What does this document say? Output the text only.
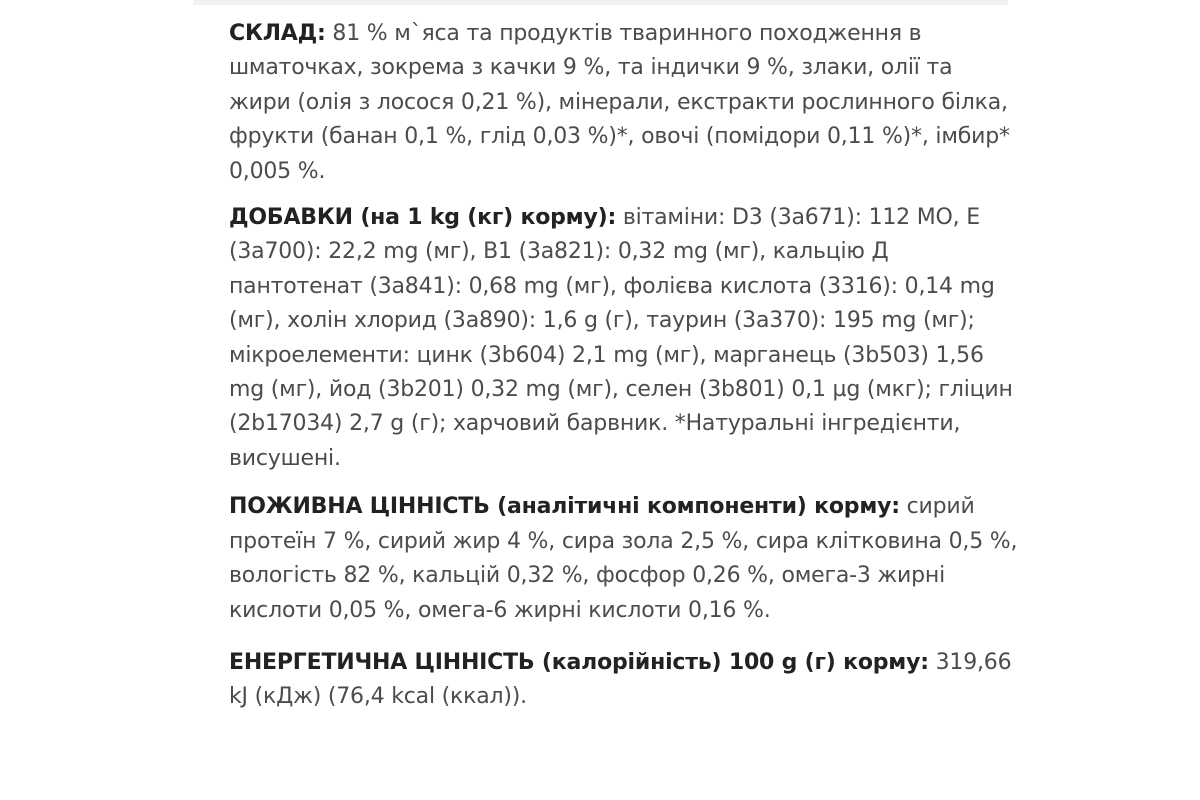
СКЛАД: 81 % м`яса та продуктів тваринного походження в шматочках, зокрема з качки 9 %, та індички 9 %, злаки, олії та жири (олія з лосося 0,21 %), мінерали, екстракти рослинного білка, фрукти (банан 0,1 %, глід 0,03 %)*, овочі (помідори 0,11 %)*, імбир* 0,005 %.

ДОБАВКИ (на 1 kg (кг) корму): вітаміни: D3 (3a671): 112 МО, E (3a700): 22,2 mg (мг), B1 (3a821): 0,32 mg (мг), кальцію Д пантотенат (3a841): 0,68 mg (мг), фолієва кислота (3316): 0,14 mg (мг), холін хлорид (3a890): 1,6 g (г), таурин (3a370): 195 mg (мг); мікроелементи: цинк (3b604) 2,1 mg (мг), марганець (3b503) 1,56 mg (мг), йод (3b201) 0,32 mg (мг), селен (3b801) 0,1 µg (мкг); гліцин (2b17034) 2,7 g (г); харчовий барвник. *Натуральні інгредієнти, висушені.

ПОЖИВНА ЦІННІСТЬ (аналітичні компоненти) корму: сирий протеїн 7 %, сирий жир 4 %, сира зола 2,5 %, сира клітковина 0,5 %, вологість 82 %, кальцій 0,32 %, фосфор 0,26 %, омега-3 жирні кислоти 0,05 %, омега-6 жирні кислоти 0,16 %.

ЕНЕРГЕТИЧНА ЦІННІСТЬ (калорійність) 100 g (г) корму: 319,66 kJ (кДж) (76,4 kcal (ккал)).
